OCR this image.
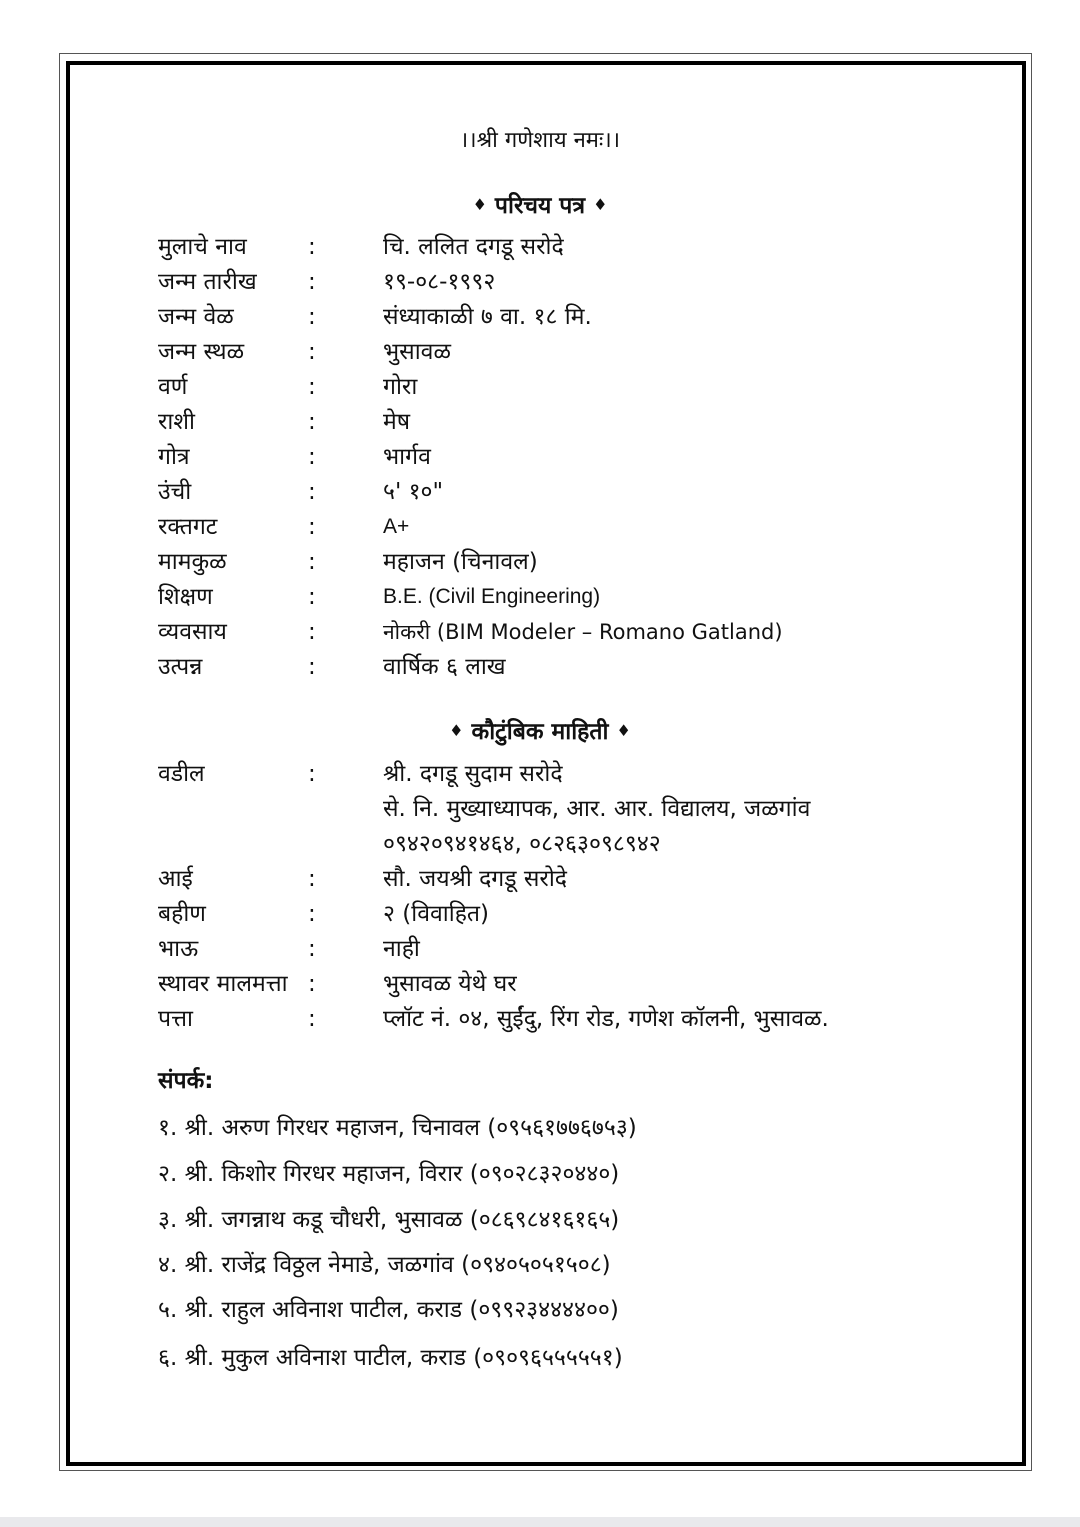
।।श्री गणेशाय नमः।।
♦ परिचय पत्र ♦
मुलाचे नाव	:	चि. ललित दगडू सरोदे
जन्म तारीख :	१९-०८-१९९२
जन्म वेळ	:	संध्याकाळी ७ वा. १८ मि.
जन्म स्थळ	:	भुसावळ
वर्ण	:	गोरा
राशी	:	मेष
गोत्र	:	भार्गव
उंची	:	५' १०"
रक्तगट	:	A+
मामकुळ	:	महाजन (चिनावल)
शिक्षण	:	B.E. (Civil Engineering)
व्यवसाय	:	नोकरी (BIM Modeler – Romano Gatland)
उत्पन्न	:	वार्षिक ६ लाख
♦ कौटुंबिक माहिती ♦
वडील	:	श्री. दगडू सुदाम सरोदे
से. नि. मुख्याध्यापक, आर. आर. विद्यालय, जळगांव
०९४२०९४१४६४, ०८२६३०९८९४२
आई	:	सौ. जयश्री दगडू सरोदे
बहीण	:	२ (विवाहित)
भाऊ	:	नाही
स्थावर मालमत्ता :	भुसावळ येथे घर
पत्ता	:	प्लॉट नं. ०४, सुईंदु, रिंग रोड, गणेश कॉलनी, भुसावळ.
संपर्क:
१. श्री. अरुण गिरधर महाजन, चिनावल (०९५६१७७६७५३)
२. श्री. किशोर गिरधर महाजन, विरार (०९०२८३२०४४०)
३. श्री. जगन्नाथ कडू चौधरी, भुसावळ (०८६९८४१६१६५)
४. श्री. राजेंद्र विठ्ठल नेमाडे, जळगांव (०९४०५०५१५०८)
५. श्री. राहुल अविनाश पाटील, कराड (०९९२३४४४४००)
६. श्री. मुकुल अविनाश पाटील, कराड (०९०९६५५५५५१)
